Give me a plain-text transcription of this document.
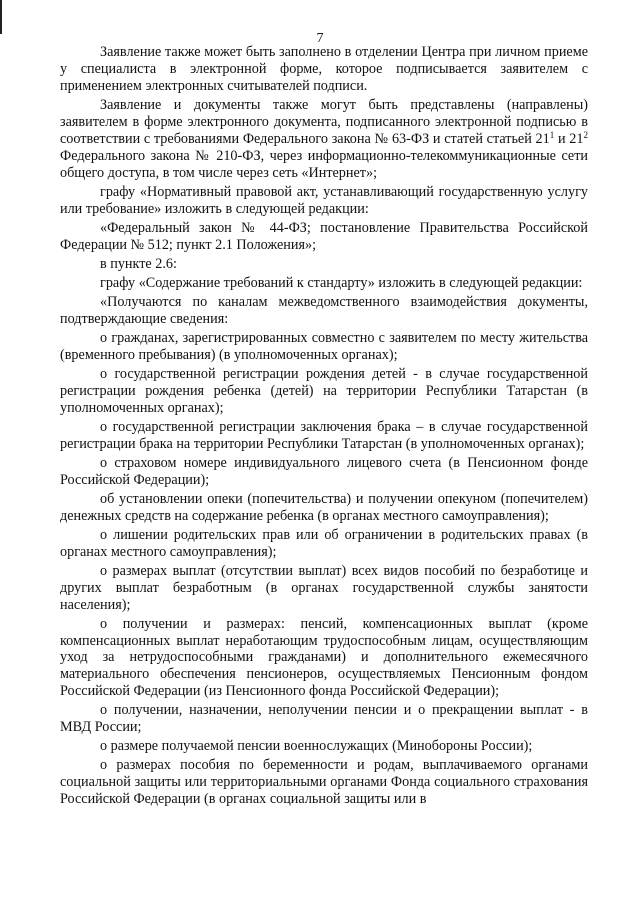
7

Заявление также может быть заполнено в отделении Центра при личном приеме у специалиста в электронной форме, которое подписывается заявителем с применением электронных считывателей подписи.

Заявление и документы также могут быть представлены (направлены) заявителем в форме электронного документа, подписанного электронной подписью в соответствии с требованиями Федерального закона № 63-ФЗ и статей статьей $21^1$ и $21^2$ Федерального закона № 210-ФЗ, через информационно-телекоммуникационные сети общего доступа, в том числе через сеть «Интернет»;

графу «Нормативный правовой акт, устанавливающий государственную услугу или требование» изложить в следующей редакции:

«Федеральный закон № 44-ФЗ; постановление Правительства Российской Федерации № 512; пункт 2.1 Положения»;

в пункте 2.6:

графу «Содержание требований к стандарту» изложить в следующей редакции:

«Получаются по каналам межведомственного взаимодействия документы, подтверждающие сведения:

о гражданах, зарегистрированных совместно с заявителем по месту жительства (временного пребывания) (в уполномоченных органах);

о государственной регистрации рождения детей - в случае государственной регистрации рождения ребенка (детей) на территории Республики Татарстан (в уполномоченных органах);

о государственной регистрации заключения брака – в случае государственной регистрации брака на территории Республики Татарстан (в уполномоченных органах);

о страховом номере индивидуального лицевого счета (в Пенсионном фонде Российской Федерации);

об установлении опеки (попечительства) и получении опекуном (попечителем) денежных средств на содержание ребенка (в органах местного самоуправления);

о лишении родительских прав или об ограничении в родительских правах (в органах местного самоуправления);

о размерах выплат (отсутствии выплат) всех видов пособий по безработице и других выплат безработным (в органах государственной службы занятости населения);

о получении и размерах: пенсий, компенсационных выплат (кроме компенсационных выплат неработающим трудоспособным лицам, осуществляющим уход за нетрудоспособными гражданами) и дополнительного ежемесячного материального обеспечения пенсионеров, осуществляемых Пенсионным фондом Российской Федерации (из Пенсионного фонда Российской Федерации);

о получении, назначении, неполучении пенсии и о прекращении выплат - в МВД России;

о размере получаемой пенсии военнослужащих (Минобороны России);

о размерах пособия по беременности и родам, выплачиваемого органами социальной защиты или территориальными органами Фонда социального страхования Российской Федерации (в органах социальной защиты или в
